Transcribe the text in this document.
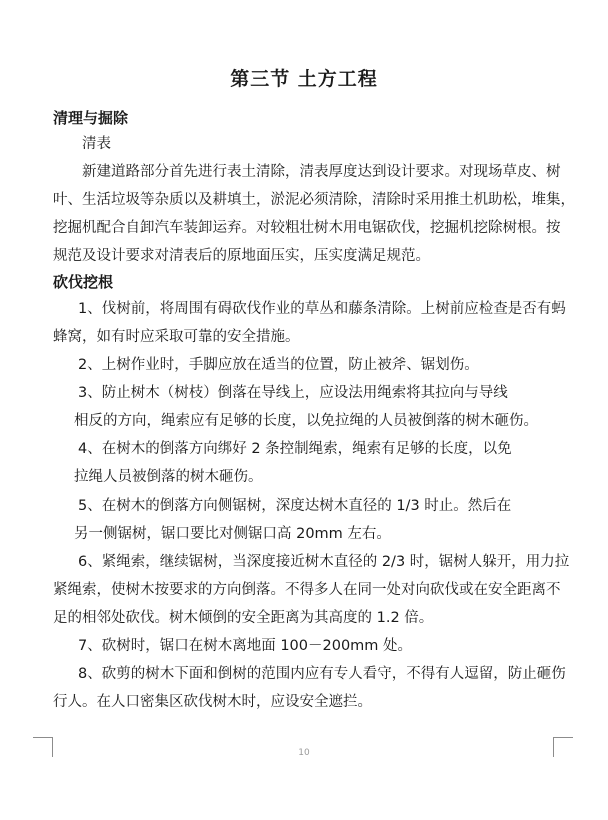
第三节 土方工程
清理与掘除
清表
新建道路部分首先进行表土清除，清表厚度达到设计要求。对现场草皮、树
叶、生活垃圾等杂质以及耕填土，淤泥必须清除，清除时采用推土机助松，堆集，
挖掘机配合自卸汽车装卸运弃。对较粗壮树木用电锯砍伐，挖掘机挖除树根。按
规范及设计要求对清表后的原地面压实，压实度满足规范。
砍伐挖根
1、伐树前，将周围有碍砍伐作业的草丛和藤条清除。上树前应检查是否有蚂
蜂窝，如有时应采取可靠的安全措施。
2、上树作业时，手脚应放在适当的位置，防止被斧、锯划伤。
3、防止树木（树枝）倒落在导线上，应设法用绳索将其拉向与导线
相反的方向，绳索应有足够的长度，以免拉绳的人员被倒落的树木砸伤。
4、在树木的倒落方向绑好 2 条控制绳索，绳索有足够的长度，以免
拉绳人员被倒落的树木砸伤。
5、在树木的倒落方向侧锯树，深度达树木直径的 1/3 时止。然后在
另一侧锯树，锯口要比对侧锯口高 20mm 左右。
6、紧绳索，继续锯树，当深度接近树木直径的 2/3 时，锯树人躲开，用力拉
紧绳索，使树木按要求的方向倒落。不得多人在同一处对向砍伐或在安全距离不
足的相邻处砍伐。树木倾倒的安全距离为其高度的 1.2 倍。
7、砍树时，锯口在树木离地面 100－200mm 处。
8、砍剪的树木下面和倒树的范围内应有专人看守，不得有人逗留，防止砸伤
行人。在人口密集区砍伐树木时，应设安全遮拦。
10
